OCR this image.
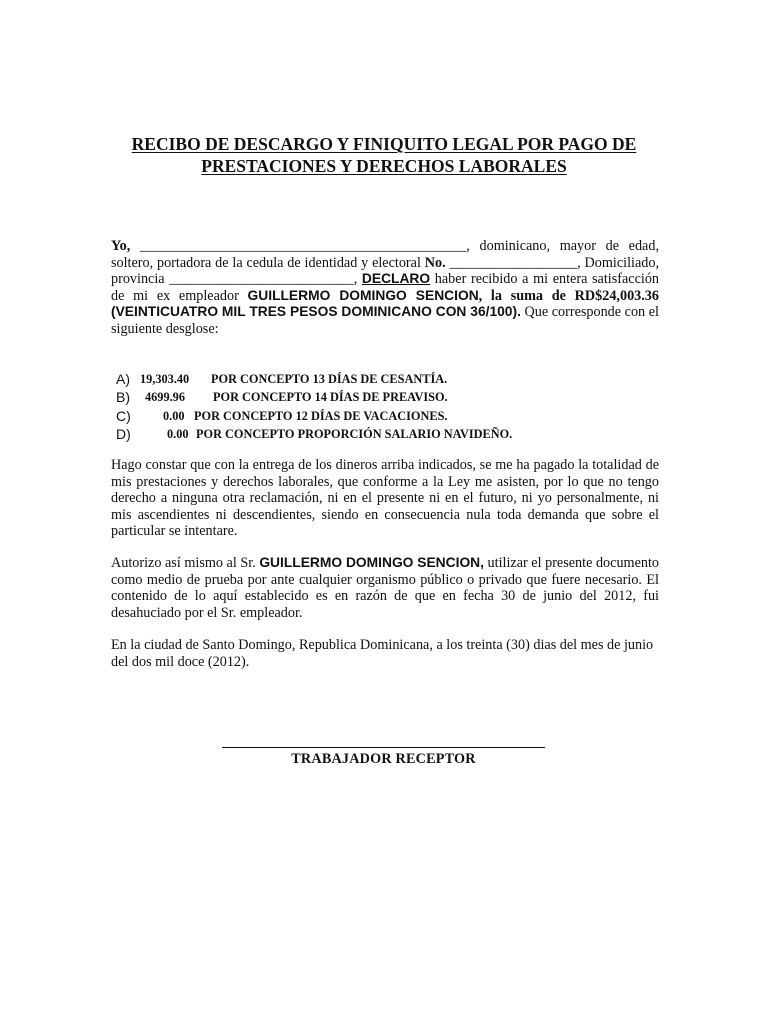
RECIBO DE DESCARGO Y FINIQUITO LEGAL POR PAGO DE
PRESTACIONES Y DERECHOS LABORALES
Yo, ______________________________________________, dominicano, mayor de edad, soltero, portadora de la cedula de identidad y electoral No. __________________, Domiciliado, provincia __________________________, DECLARO haber recibido a mi entera satisfacción de mi ex empleador GUILLERMO DOMINGO SENCION, la suma de RD$24,003.36 (VEINTICUATRO MIL TRES PESOS DOMINICANO CON 36/100). Que corresponde con el siguiente desglose:
A) 19,303.40 POR CONCEPTO 13 DÍAS DE CESANTÍA.
B) 4699.96 POR CONCEPTO 14 DÍAS DE PREAVISO.
C)	0.00 POR CONCEPTO 12 DÍAS DE VACACIONES.
D)	0.00 POR CONCEPTO PROPORCIÓN SALARIO NAVIDEÑO.
Hago constar que con la entrega de los dineros arriba indicados, se me ha pagado la totalidad de mis prestaciones y derechos laborales, que conforme a la Ley me asisten, por lo que no tengo derecho a ninguna otra reclamación, ni en el presente ni en el futuro, ni yo personalmente, ni mis ascendientes ni descendientes, siendo en consecuencia nula toda demanda que sobre el particular se intentare.
Autorizo así mismo al Sr. GUILLERMO DOMINGO SENCION, utilizar el presente documento como medio de prueba por ante cualquier organismo público o privado que fuere necesario. El contenido de lo aquí establecido es en razón de que en fecha 30 de junio del 2012, fui desahuciado por el Sr. empleador.
En la ciudad de Santo Domingo, Republica Dominicana, a los treinta (30) dias del mes de junio del dos mil doce (2012).
TRABAJADOR RECEPTOR
